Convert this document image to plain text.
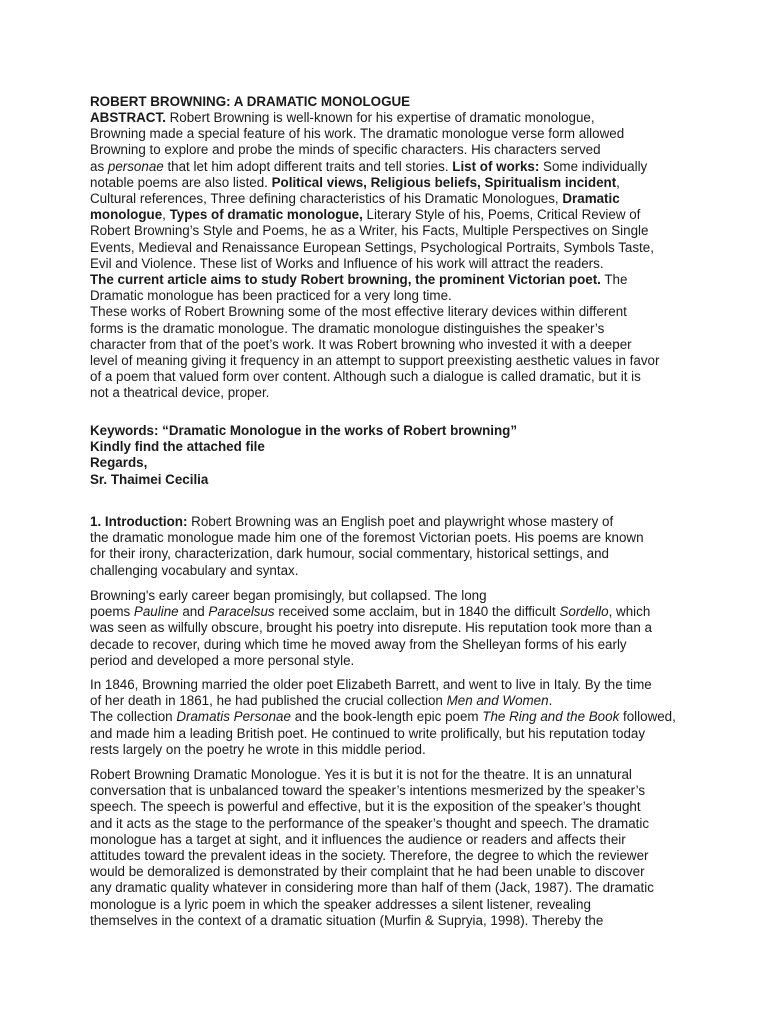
ROBERT BROWNING: A DRAMATIC MONOLOGUE
ABSTRACT. Robert Browning is well-known for his expertise of dramatic monologue,
Browning made a special feature of his work. The dramatic monologue verse form allowed
Browning to explore and probe the minds of specific characters. His characters served
as personae that let him adopt different traits and tell stories. List of works: Some individually
notable poems are also listed. Political views, Religious beliefs, Spiritualism incident,
Cultural references, Three defining characteristics of his Dramatic Monologues, Dramatic
monologue, Types of dramatic monologue, Literary Style of his, Poems, Critical Review of
Robert Browning’s Style and Poems, he as a Writer, his Facts, Multiple Perspectives on Single
Events, Medieval and Renaissance European Settings, Psychological Portraits, Symbols Taste,
Evil and Violence. These list of Works and Influence of his work will attract the readers.
The current article aims to study Robert browning, the prominent Victorian poet. The
Dramatic monologue has been practiced for a very long time.
These works of Robert Browning some of the most effective literary devices within different
forms is the dramatic monologue. The dramatic monologue distinguishes the speaker’s
character from that of the poet’s work. It was Robert browning who invested it with a deeper
level of meaning giving it frequency in an attempt to support preexisting aesthetic values in favor
of a poem that valued form over content. Although such a dialogue is called dramatic, but it is
not a theatrical device, proper.
Keywords: “Dramatic Monologue in the works of Robert browning”
Kindly find the attached file
Regards,
Sr. Thaimei Cecilia
1. Introduction: Robert Browning was an English poet and playwright whose mastery of
the dramatic monologue made him one of the foremost Victorian poets. His poems are known
for their irony, characterization, dark humour, social commentary, historical settings, and
challenging vocabulary and syntax.
Browning's early career began promisingly, but collapsed. The long
poems Pauline and Paracelsus received some acclaim, but in 1840 the difficult Sordello, which
was seen as wilfully obscure, brought his poetry into disrepute. His reputation took more than a
decade to recover, during which time he moved away from the Shelleyan forms of his early
period and developed a more personal style.
In 1846, Browning married the older poet Elizabeth Barrett, and went to live in Italy. By the time
of her death in 1861, he had published the crucial collection Men and Women.
The collection Dramatis Personae and the book-length epic poem The Ring and the Book followed,
and made him a leading British poet. He continued to write prolifically, but his reputation today
rests largely on the poetry he wrote in this middle period.
Robert Browning Dramatic Monologue. Yes it is but it is not for the theatre. It is an unnatural
conversation that is unbalanced toward the speaker’s intentions mesmerized by the speaker’s
speech. The speech is powerful and effective, but it is the exposition of the speaker’s thought
and it acts as the stage to the performance of the speaker’s thought and speech. The dramatic
monologue has a target at sight, and it influences the audience or readers and affects their
attitudes toward the prevalent ideas in the society. Therefore, the degree to which the reviewer
would be demoralized is demonstrated by their complaint that he had been unable to discover
any dramatic quality whatever in considering more than half of them (Jack, 1987). The dramatic
monologue is a lyric poem in which the speaker addresses a silent listener, revealing
themselves in the context of a dramatic situation (Murfin & Supryia, 1998). Thereby the
